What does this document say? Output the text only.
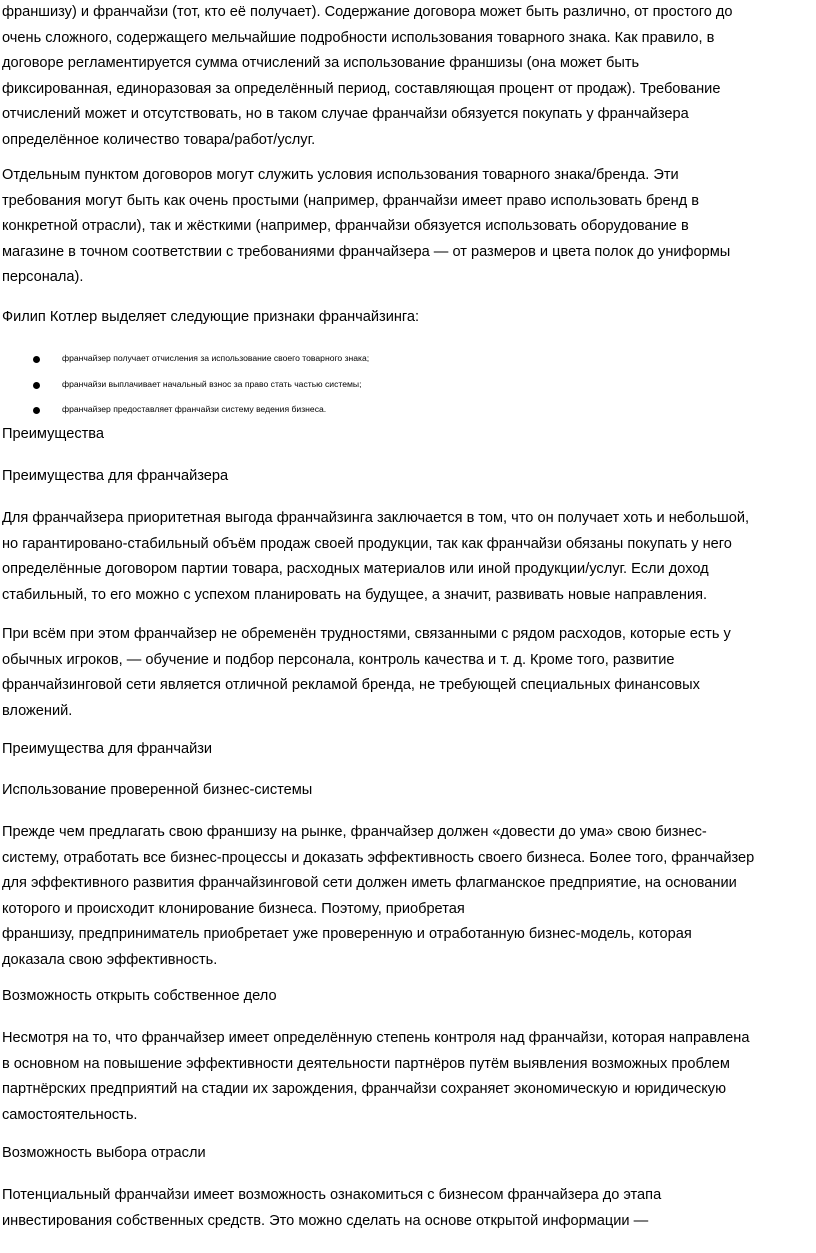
франшизу) и франчайзи (тот, кто её получает). Содержание договора может быть различно, от простого до
очень сложного, содержащего мельчайшие подробности использования товарного знака. Как правило, в
договоре регламентируется сумма отчислений за использование франшизы (она может быть
фиксированная, единоразовая за определённый период, составляющая процент от продаж). Требование
отчислений может и отсутствовать, но в таком случае франчайзи обязуется покупать у франчайзера
определённое количество товара/работ/услуг.

Отдельным пунктом договоров могут служить условия использования товарного знака/бренда. Эти
требования могут быть как очень простыми (например, франчайзи имеет право использовать бренд в
конкретной отрасли), так и жёсткими (например, франчайзи обязуется использовать оборудование в
магазине в точном соответствии с требованиями франчайзера — от размеров и цвета полок до униформы
персонала).

Филип Котлер выделяет следующие признаки франчайзинга:

франчайзер получает отчисления за использование своего товарного знака;
франчайзи выплачивает начальный взнос за право стать частью системы;
франчайзер предоставляет франчайзи систему ведения бизнеса.

Преимущества

Преимущества для франчайзера

Для франчайзера приоритетная выгода франчайзинга заключается в том, что он получает хоть и небольшой,
но гарантировано-стабильный объём продаж своей продукции, так как франчайзи обязаны покупать у него
определённые договором партии товара, расходных материалов или иной продукции/услуг. Если доход
стабильный, то его можно с успехом планировать на будущее, а значит, развивать новые направления.

При всём при этом франчайзер не обременён трудностями, связанными с рядом расходов, которые есть у
обычных игроков, — обучение и подбор персонала, контроль качества и т. д. Кроме того, развитие
франчайзинговой сети является отличной рекламой бренда, не требующей специальных финансовых
вложений.

Преимущества для франчайзи

Использование проверенной бизнес-системы

Прежде чем предлагать свою франшизу на рынке, франчайзер должен «довести до ума» свою бизнес-
систему, отработать все бизнес-процессы и доказать эффективность своего бизнеса. Более того, франчайзер
для эффективного развития франчайзинговой сети должен иметь флагманское предприятие, на основании
которого и происходит клонирование бизнеса. Поэтому, приобретая
франшизу, предприниматель приобретает уже проверенную и отработанную бизнес-модель, которая
доказала свою эффективность.

Возможность открыть собственное дело

Несмотря на то, что франчайзер имеет определённую степень контроля над франчайзи, которая направлена
в основном на повышение эффективности деятельности партнёров путём выявления возможных проблем
партнёрских предприятий на стадии их зарождения, франчайзи сохраняет экономическую и юридическую
самостоятельность.

Возможность выбора отрасли

Потенциальный франчайзи имеет возможность ознакомиться с бизнесом франчайзера до этапа
инвестирования собственных средств. Это можно сделать на основе открытой информации —
